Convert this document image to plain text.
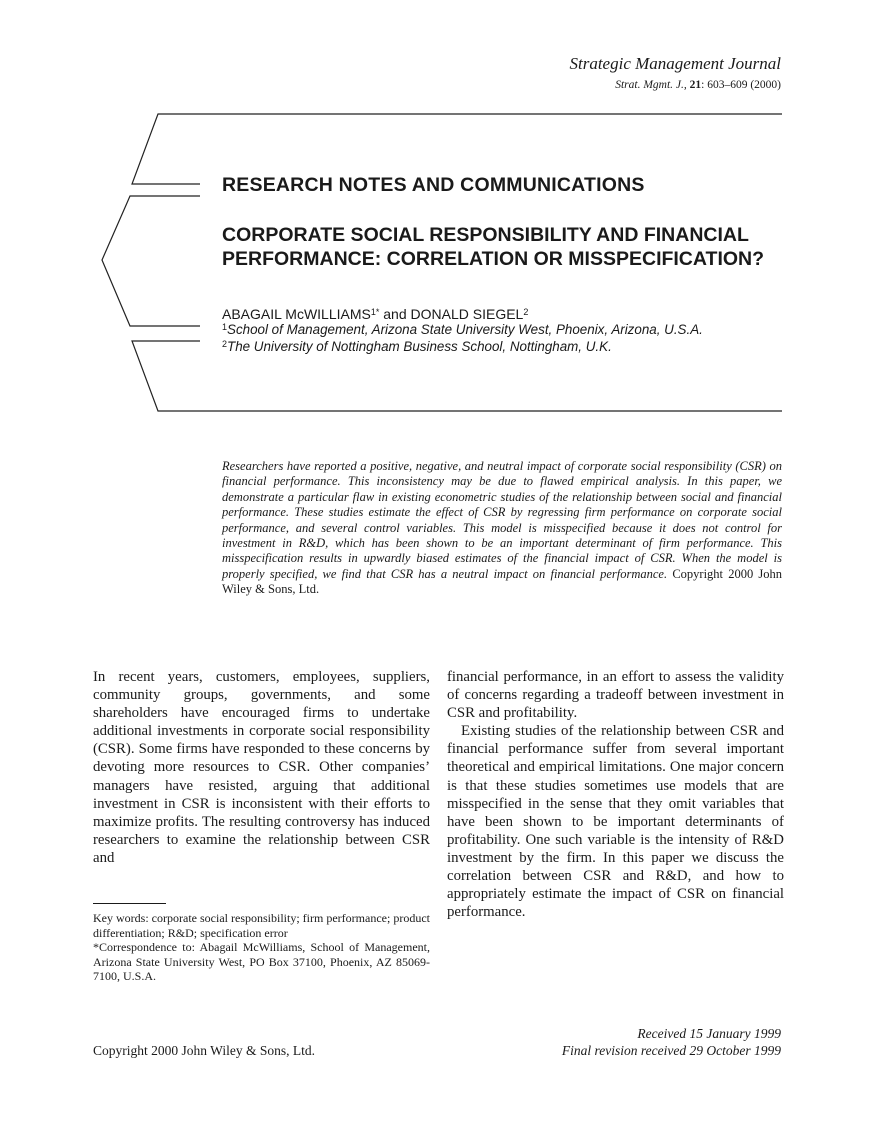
Strategic Management Journal
Strat. Mgmt. J., 21: 603–609 (2000)
RESEARCH NOTES AND COMMUNICATIONS
CORPORATE SOCIAL RESPONSIBILITY AND FINANCIAL PERFORMANCE: CORRELATION OR MISSPECIFICATION?
ABAGAIL McWILLIAMS$^{1*}$ and DONALD SIEGEL$^2$
$^1$School of Management, Arizona State University West, Phoenix, Arizona, U.S.A.
$^2$The University of Nottingham Business School, Nottingham, U.K.
Researchers have reported a positive, negative, and neutral impact of corporate social responsibility (CSR) on financial performance. This inconsistency may be due to flawed empirical analysis. In this paper, we demonstrate a particular flaw in existing econometric studies of the relationship between social and financial performance. These studies estimate the effect of CSR by regressing firm performance on corporate social performance, and several control variables. This model is misspecified because it does not control for investment in R&D, which has been shown to be an important determinant of firm performance. This misspecification results in upwardly biased estimates of the financial impact of CSR. When the model is properly specified, we find that CSR has a neutral impact on financial performance. Copyright 2000 John Wiley & Sons, Ltd.

In recent years, customers, employees, suppliers, community groups, governments, and some shareholders have encouraged firms to undertake additional investments in corporate social responsibility (CSR). Some firms have responded to these concerns by devoting more resources to CSR. Other companies’ managers have resisted, arguing that additional investment in CSR is inconsistent with their efforts to maximize profits. The resulting controversy has induced researchers to examine the relationship between CSR and

financial performance, in an effort to assess the validity of concerns regarding a tradeoff between investment in CSR and profitability.

Existing studies of the relationship between CSR and financial performance suffer from several important theoretical and empirical limitations. One major concern is that these studies sometimes use models that are misspecified in the sense that they omit variables that have been shown to be important determinants of profitability. One such variable is the intensity of R&D investment by the firm. In this paper we discuss the correlation between CSR and R&D, and how to appropriately estimate the impact of CSR on financial performance.

Key words: corporate social responsibility; firm performance; product differentiation; R&D; specification error

*Correspondence to: Abagail McWilliams, School of Management, Arizona State University West, PO Box 37100, Phoenix, AZ 85069-7100, U.S.A.

Copyright 2000 John Wiley & Sons, Ltd.
Received 15 January 1999
Final revision received 29 October 1999
